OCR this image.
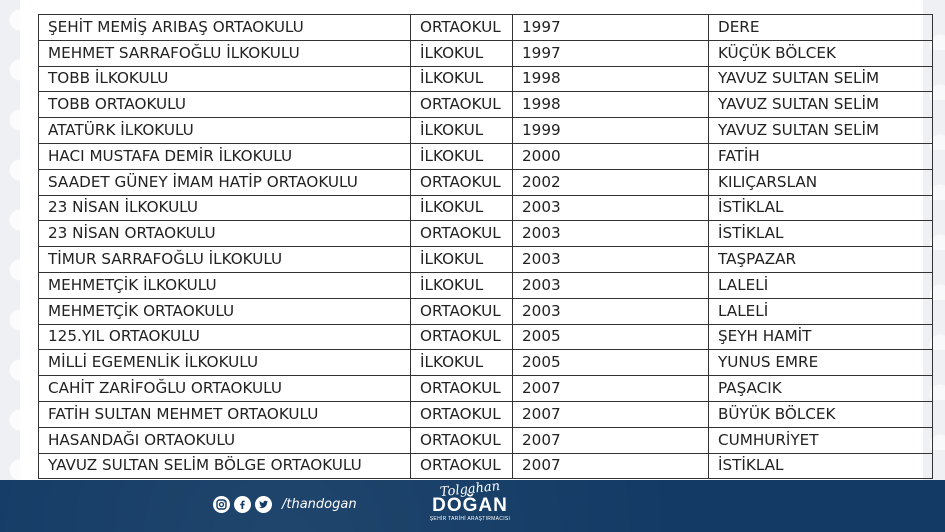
ŞEHİT MEMİŞ ARIBAŞ ORTAOKULU	ORTAOKUL	1997	DERE
MEHMET SARRAFOĞLU İLKOKULU	İLKOKUL	1997	KÜÇÜK BÖLCEK
TOBB İLKOKULU	İLKOKUL	1998	YAVUZ SULTAN SELİM
TOBB ORTAOKULU	ORTAOKUL	1998	YAVUZ SULTAN SELİM
ATATÜRK İLKOKULU	İLKOKUL	1999	YAVUZ SULTAN SELİM
HACI MUSTAFA DEMİR İLKOKULU	İLKOKUL	2000	FATİH
SAADET GÜNEY İMAM HATİP ORTAOKULU	ORTAOKUL	2002	KILIÇARSLAN
23 NİSAN İLKOKULU	İLKOKUL	2003	İSTİKLAL
23 NİSAN ORTAOKULU	ORTAOKUL	2003	İSTİKLAL
TİMUR SARRAFOĞLU İLKOKULU	İLKOKUL	2003	TAŞPAZAR
MEHMETÇİK İLKOKULU	İLKOKUL	2003	LALELİ
MEHMETÇİK ORTAOKULU	ORTAOKUL	2003	LALELİ
125.YIL ORTAOKULU	ORTAOKUL	2005	ŞEYH HAMİT
MİLLİ EGEMENLİK İLKOKULU	İLKOKUL	2005	YUNUS EMRE
CAHİT ZARİFOĞLU ORTAOKULU	ORTAOKUL	2007	PAŞACIK
FATİH SULTAN MEHMET ORTAOKULU	ORTAOKUL	2007	BÜYÜK BÖLCEK
HASANDAĞI ORTAOKULU	ORTAOKUL	2007	CUMHURİYET
YAVUZ SULTAN SELİM BÖLGE ORTAOKULU	ORTAOKUL	2007	İSTİKLAL
/thandogan
Tolgahan
DOĞAN
ŞEHİR TARİHİ ARAŞTIRMACISI
